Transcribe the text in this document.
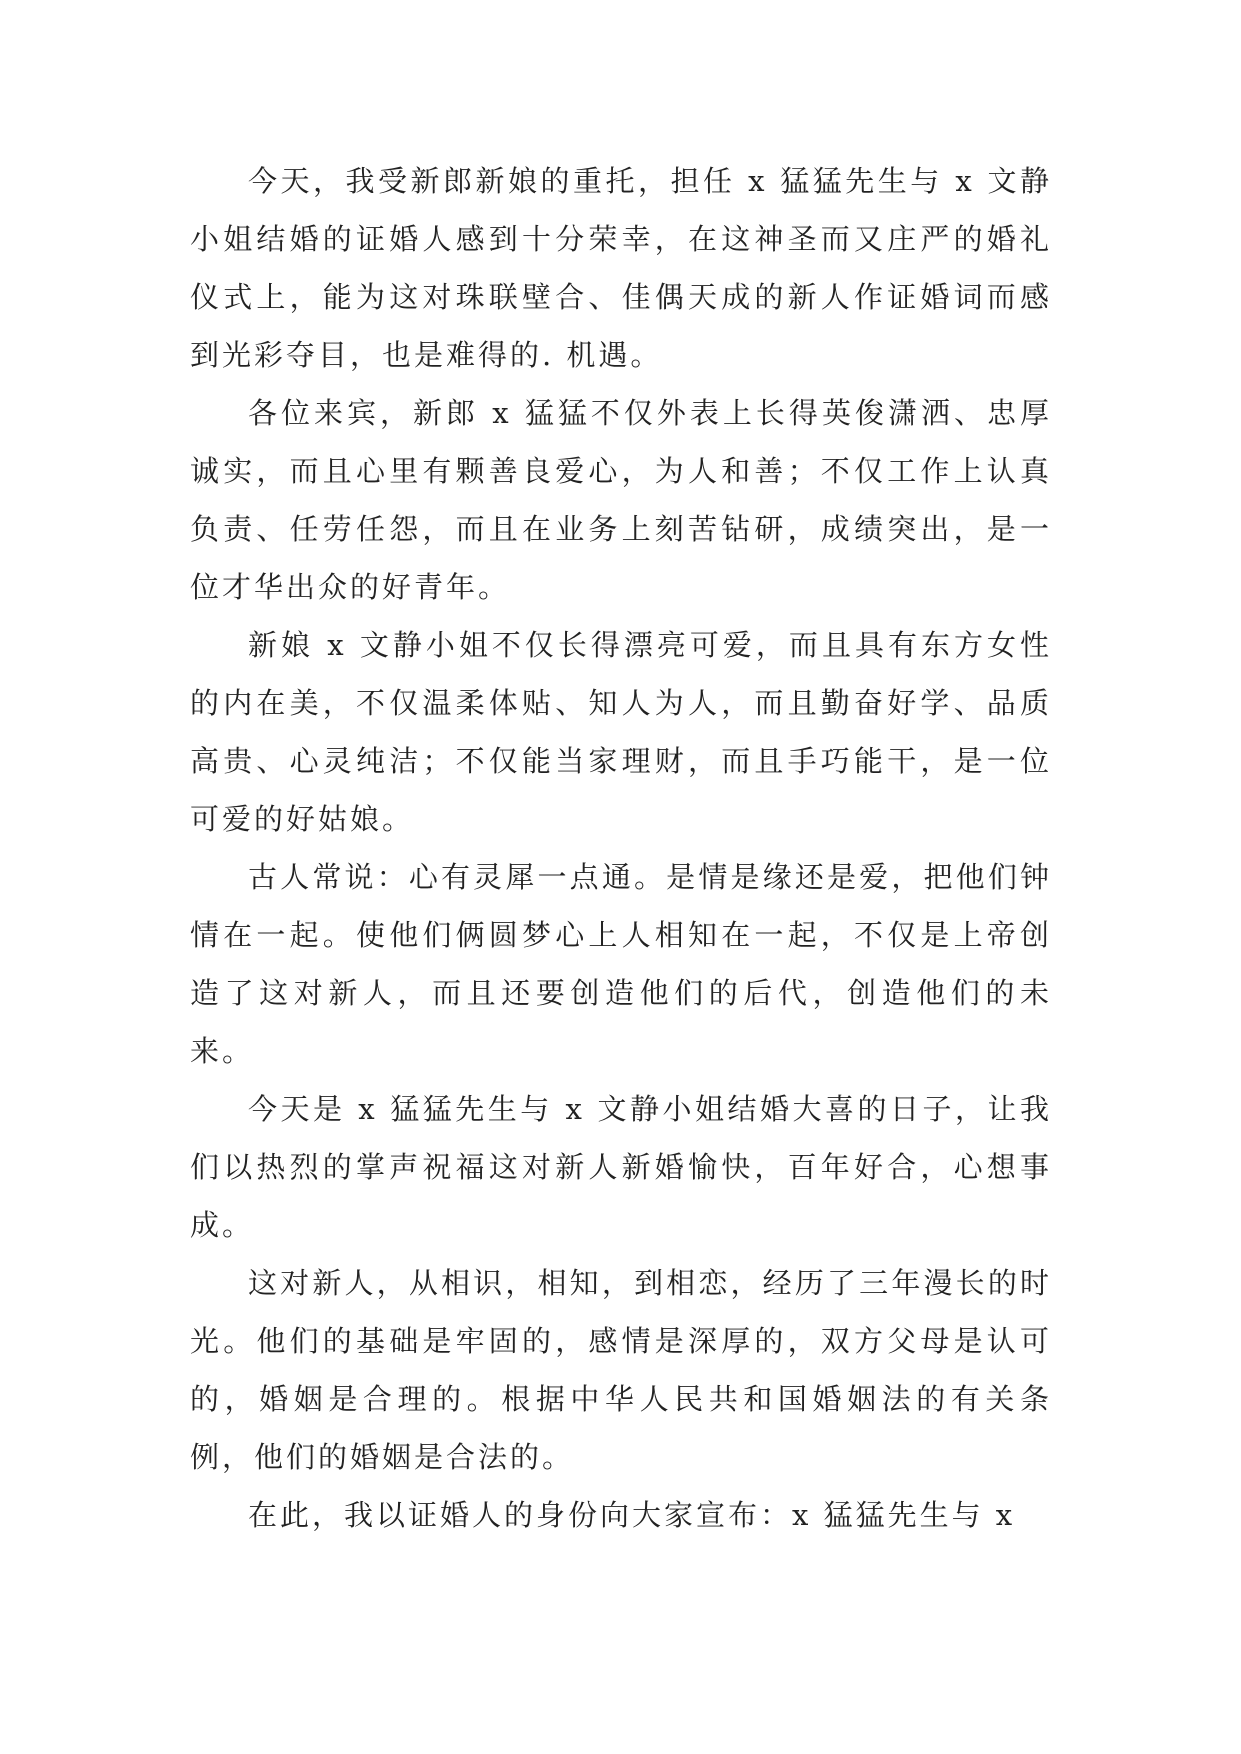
今天，我受新郎新娘的重托，担任 x 猛猛先生与 x 文静小姐结婚的证婚人感到十分荣幸，在这神圣而又庄严的婚礼仪式上，能为这对珠联壁合、佳偶天成的新人作证婚词而感到光彩夺目，也是难得的. 机遇。

各位来宾，新郎 x 猛猛不仅外表上长得英俊潇洒、忠厚诚实，而且心里有颗善良爱心，为人和善；不仅工作上认真负责、任劳任怨，而且在业务上刻苦钻研，成绩突出，是一位才华出众的好青年。

新娘 x 文静小姐不仅长得漂亮可爱，而且具有东方女性的内在美，不仅温柔体贴、知人为人，而且勤奋好学、品质高贵、心灵纯洁；不仅能当家理财，而且手巧能干，是一位可爱的好姑娘。

古人常说：心有灵犀一点通。是情是缘还是爱，把他们钟情在一起。使他们俩圆梦心上人相知在一起，不仅是上帝创造了这对新人，而且还要创造他们的后代，创造他们的未来。

今天是 x 猛猛先生与 x 文静小姐结婚大喜的日子，让我们以热烈的掌声祝福这对新人新婚愉快，百年好合，心想事成。

这对新人，从相识，相知，到相恋，经历了三年漫长的时光。他们的基础是牢固的，感情是深厚的，双方父母是认可的，婚姻是合理的。根据中华人民共和国婚姻法的有关条例，他们的婚姻是合法的。

在此，我以证婚人的身份向大家宣布：x 猛猛先生与 x
